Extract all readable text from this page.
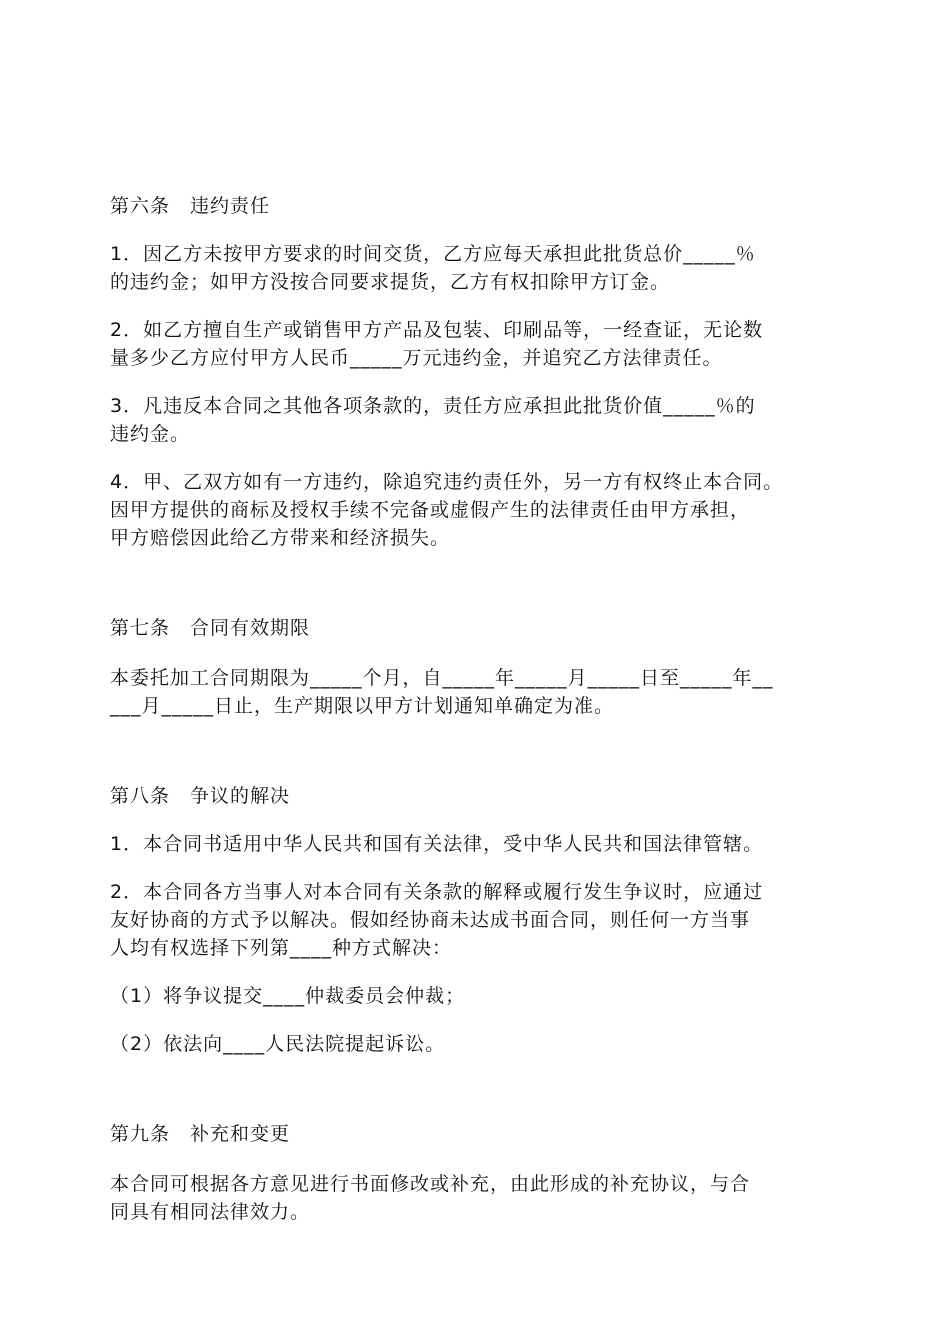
第六条　违约责任

1．因乙方未按甲方要求的时间交货，乙方应每天承担此批货总价_____％
的违约金；如甲方没按合同要求提货，乙方有权扣除甲方订金。
2．如乙方擅自生产或销售甲方产品及包装、印刷品等，一经查证，无论数
量多少乙方应付甲方人民币_____万元违约金，并追究乙方法律责任。
3．凡违反本合同之其他各项条款的，责任方应承担此批货价值_____％的
违约金。
4．甲、乙双方如有一方违约，除追究违约责任外，另一方有权终止本合同。
因甲方提供的商标及授权手续不完备或虚假产生的法律责任由甲方承担，
甲方赔偿因此给乙方带来和经济损失。

第七条　合同有效期限

本委托加工合同期限为_____个月，自_____年_____月_____日至_____年__
___月_____日止，生产期限以甲方计划通知单确定为准。

第八条　争议的解决

1．本合同书适用中华人民共和国有关法律，受中华人民共和国法律管辖。
2．本合同各方当事人对本合同有关条款的解释或履行发生争议时，应通过
友好协商的方式予以解决。假如经协商未达成书面合同，则任何一方当事
人均有权选择下列第____种方式解决：
（1）将争议提交____仲裁委员会仲裁；
（2）依法向____人民法院提起诉讼。

第九条　补充和变更

本合同可根据各方意见进行书面修改或补充，由此形成的补充协议，与合
同具有相同法律效力。
